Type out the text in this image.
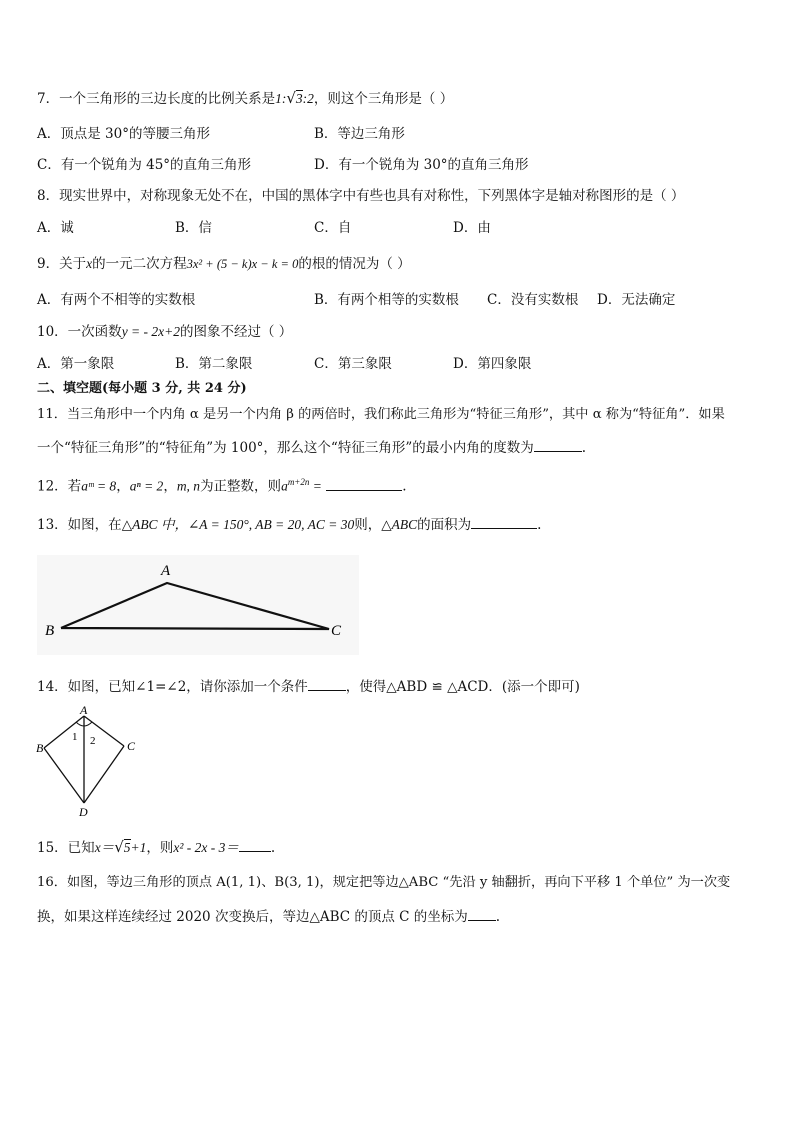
7．一个三角形的三边长度的比例关系是1:√3:2，则这个三角形是（ ）
A．顶点是 30°的等腰三角形	B．等边三角形
C．有一个锐角为 45°的直角三角形	D．有一个锐角为 30°的直角三角形
8．现实世界中，对称现象无处不在，中国的黑体字中有些也具有对称性，下列黑体字是轴对称图形的是（ ）
A．诚	B．信	C．自	D．由
9．关于x的一元二次方程3x² + (5 − k)x − k = 0的根的情况为（ ）
A．有两个不相等的实数根	B．有两个相等的实数根 C．没有实数根 D．无法确定
10．一次函数y = - 2x+2的图象不经过（ ）
A．第一象限	B．第二象限	C．第三象限	D．第四象限
二、填空题(每小题 3 分, 共 24 分)
11．当三角形中一个内角 α 是另一个内角 β 的两倍时，我们称此三角形为“特征三角形”，其中 α 称为“特征角”．如果
一个“特征三角形”的“特征角”为 100°，那么这个“特征三角形”的最小内角的度数为	.
12．若aᵐ = 8，aⁿ = 2，m, n为正整数，则$a^{m+2n}$ =	.
13．如图，在△ABC 中，∠A = 150°, AB = 20, AC = 30则，△ABC的面积为	.
A
B	C
14．如图，已知∠1=∠2，请你添加一个条件	，使得△ABD ≌ △ACD．(添一个即可)
A
B	C
D
1 2
15．已知x＝√5+1，则x² - 2x - 3＝ .
16．如图，等边三角形的顶点 A(1, 1)、B(3, 1)，规定把等边△ABC “先沿 y 轴翻折，再向下平移 1 个单位” 为一次变
换，如果这样连续经过 2020 次变换后，等边△ABC 的顶点 C 的坐标为 .
